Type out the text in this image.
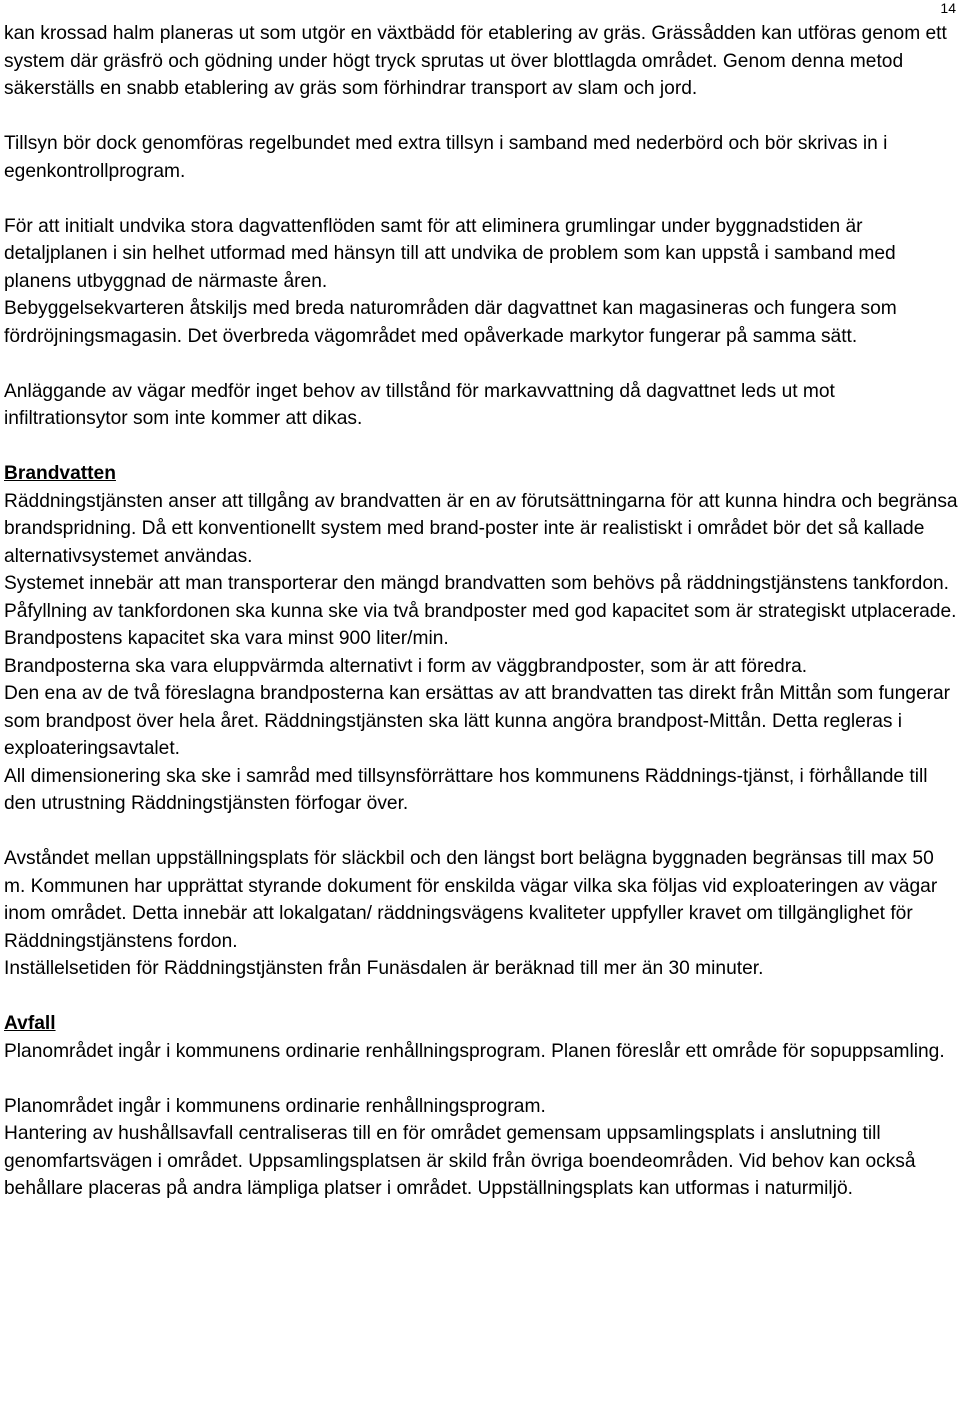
14

kan krossad halm planeras ut som utgör en växtbädd för etablering av gräs. Grässådden kan utföras genom ett system där gräsfrö och gödning under högt tryck sprutas ut över blottlagda området. Genom denna metod säkerställs en snabb etablering av gräs som förhindrar transport av slam och jord.

Tillsyn bör dock genomföras regelbundet med extra tillsyn i samband med nederbörd och bör skrivas in i egenkontrollprogram.

För att initialt undvika stora dagvattenflöden samt för att eliminera grumlingar under byggnadstiden är detaljplanen i sin helhet utformad med hänsyn till att undvika de problem som kan uppstå i samband med planens utbyggnad de närmaste åren.

Bebyggelsekvarteren åtskiljs med breda naturområden där dagvattnet kan magasineras och fungera som fördröjningsmagasin. Det överbreda vägområdet med opåverkade markytor fungerar på samma sätt.

Anläggande av vägar medför inget behov av tillstånd för markavvattning då dagvattnet leds ut mot infiltrationsytor som inte kommer att dikas.

Brandvatten

Räddningstjänsten anser att tillgång av brandvatten är en av förutsättningarna för att kunna hindra och begränsa brandspridning. Då ett konventionellt system med brand-poster inte är realistiskt i området bör det så kallade alternativsystemet användas.

Systemet innebär att man transporterar den mängd brandvatten som behövs på räddningstjänstens tankfordon. Påfyllning av tankfordonen ska kunna ske via två brandposter med god kapacitet som är strategiskt utplacerade.

Brandpostens kapacitet ska vara minst 900 liter/min.

Brandposterna ska vara eluppvärmda alternativt i form av väggbrandposter, som är att föredra.

Den ena av de två föreslagna brandposterna kan ersättas av att brandvatten tas direkt från Mittån som fungerar som brandpost över hela året. Räddningstjänsten ska lätt kunna angöra brandpost-Mittån. Detta regleras i exploateringsavtalet.

All dimensionering ska ske i samråd med tillsynsförrättare hos kommunens Räddnings-tjänst, i förhållande till den utrustning Räddningstjänsten förfogar över.

Avståndet mellan uppställningsplats för släckbil och den längst bort belägna byggnaden begränsas till max 50 m. Kommunen har upprättat styrande dokument för enskilda vägar vilka ska följas vid exploateringen av vägar inom området. Detta innebär att lokalgatan/ räddningsvägens kvaliteter uppfyller kravet om tillgänglighet för Räddningstjänstens fordon.

Inställelsetiden för Räddningstjänsten från Funäsdalen är beräknad till mer än 30 minuter.

Avfall

Planområdet ingår i kommunens ordinarie renhållningsprogram. Planen föreslår ett område för sopuppsamling.

Planområdet ingår i kommunens ordinarie renhållningsprogram.

Hantering av hushållsavfall centraliseras till en för området gemensam uppsamlingsplats i anslutning till genomfartsvägen i området. Uppsamlingsplatsen är skild från övriga boendeområden. Vid behov kan också behållare placeras på andra lämpliga platser i området. Uppställningsplats kan utformas i naturmiljö.
